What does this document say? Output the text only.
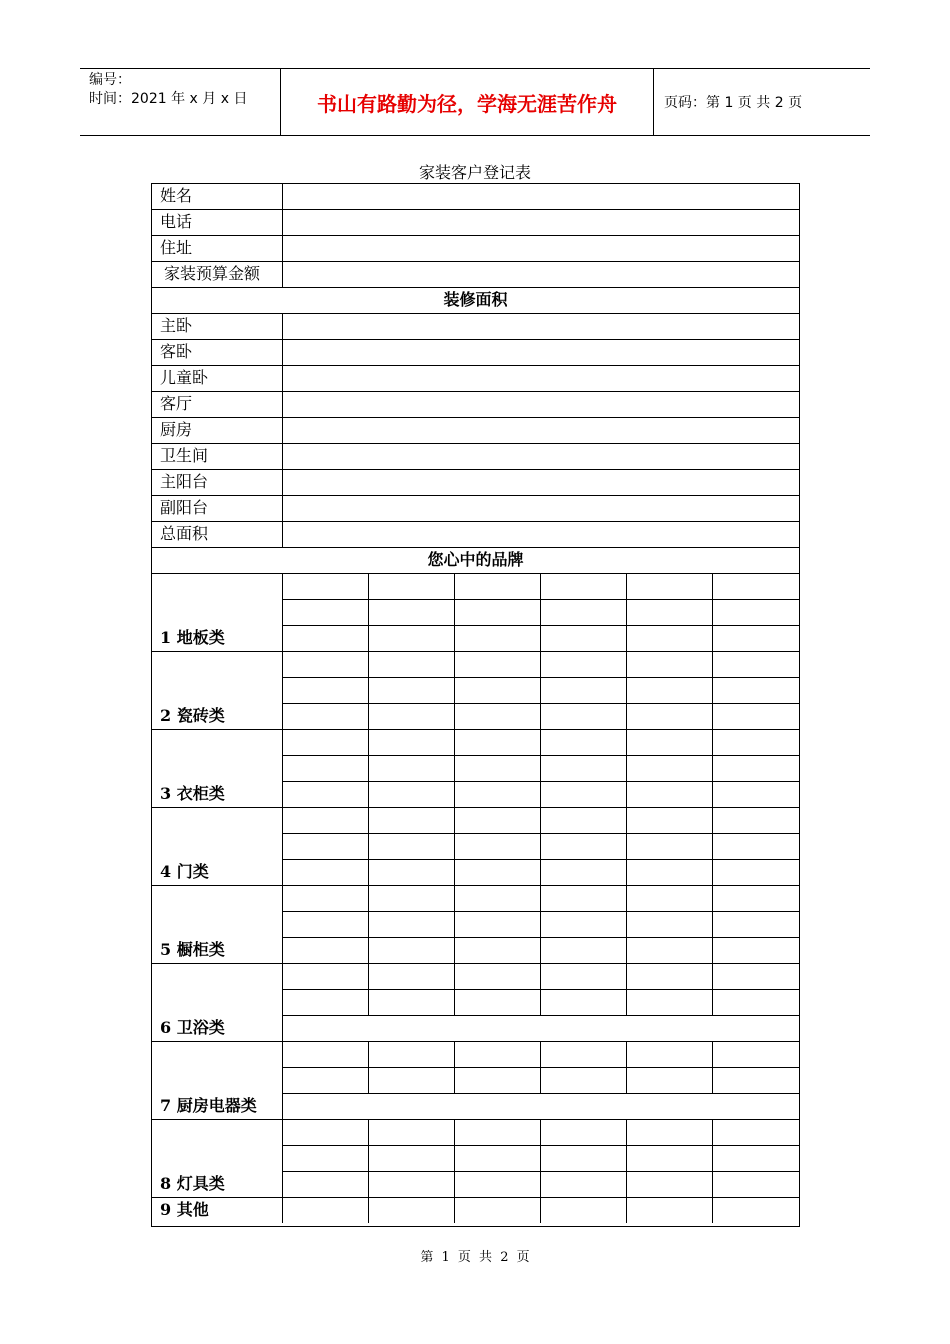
编号：
时间：2021 年 x 月 x 日	书山有路勤为径，学海无涯苦作舟	页码：第 1 页 共 2 页
家装客户登记表
姓名
电话
住址
家装预算金额
装修面积
主卧
客卧
儿童卧
客厅
厨房
卫生间
主阳台
副阳台
总面积
您心中的品牌
1 地板类
2 瓷砖类
3 衣柜类
4 门类
5 橱柜类
6 卫浴类
7 厨房电器类
8 灯具类
9 其他
第 1 页 共 2 页
